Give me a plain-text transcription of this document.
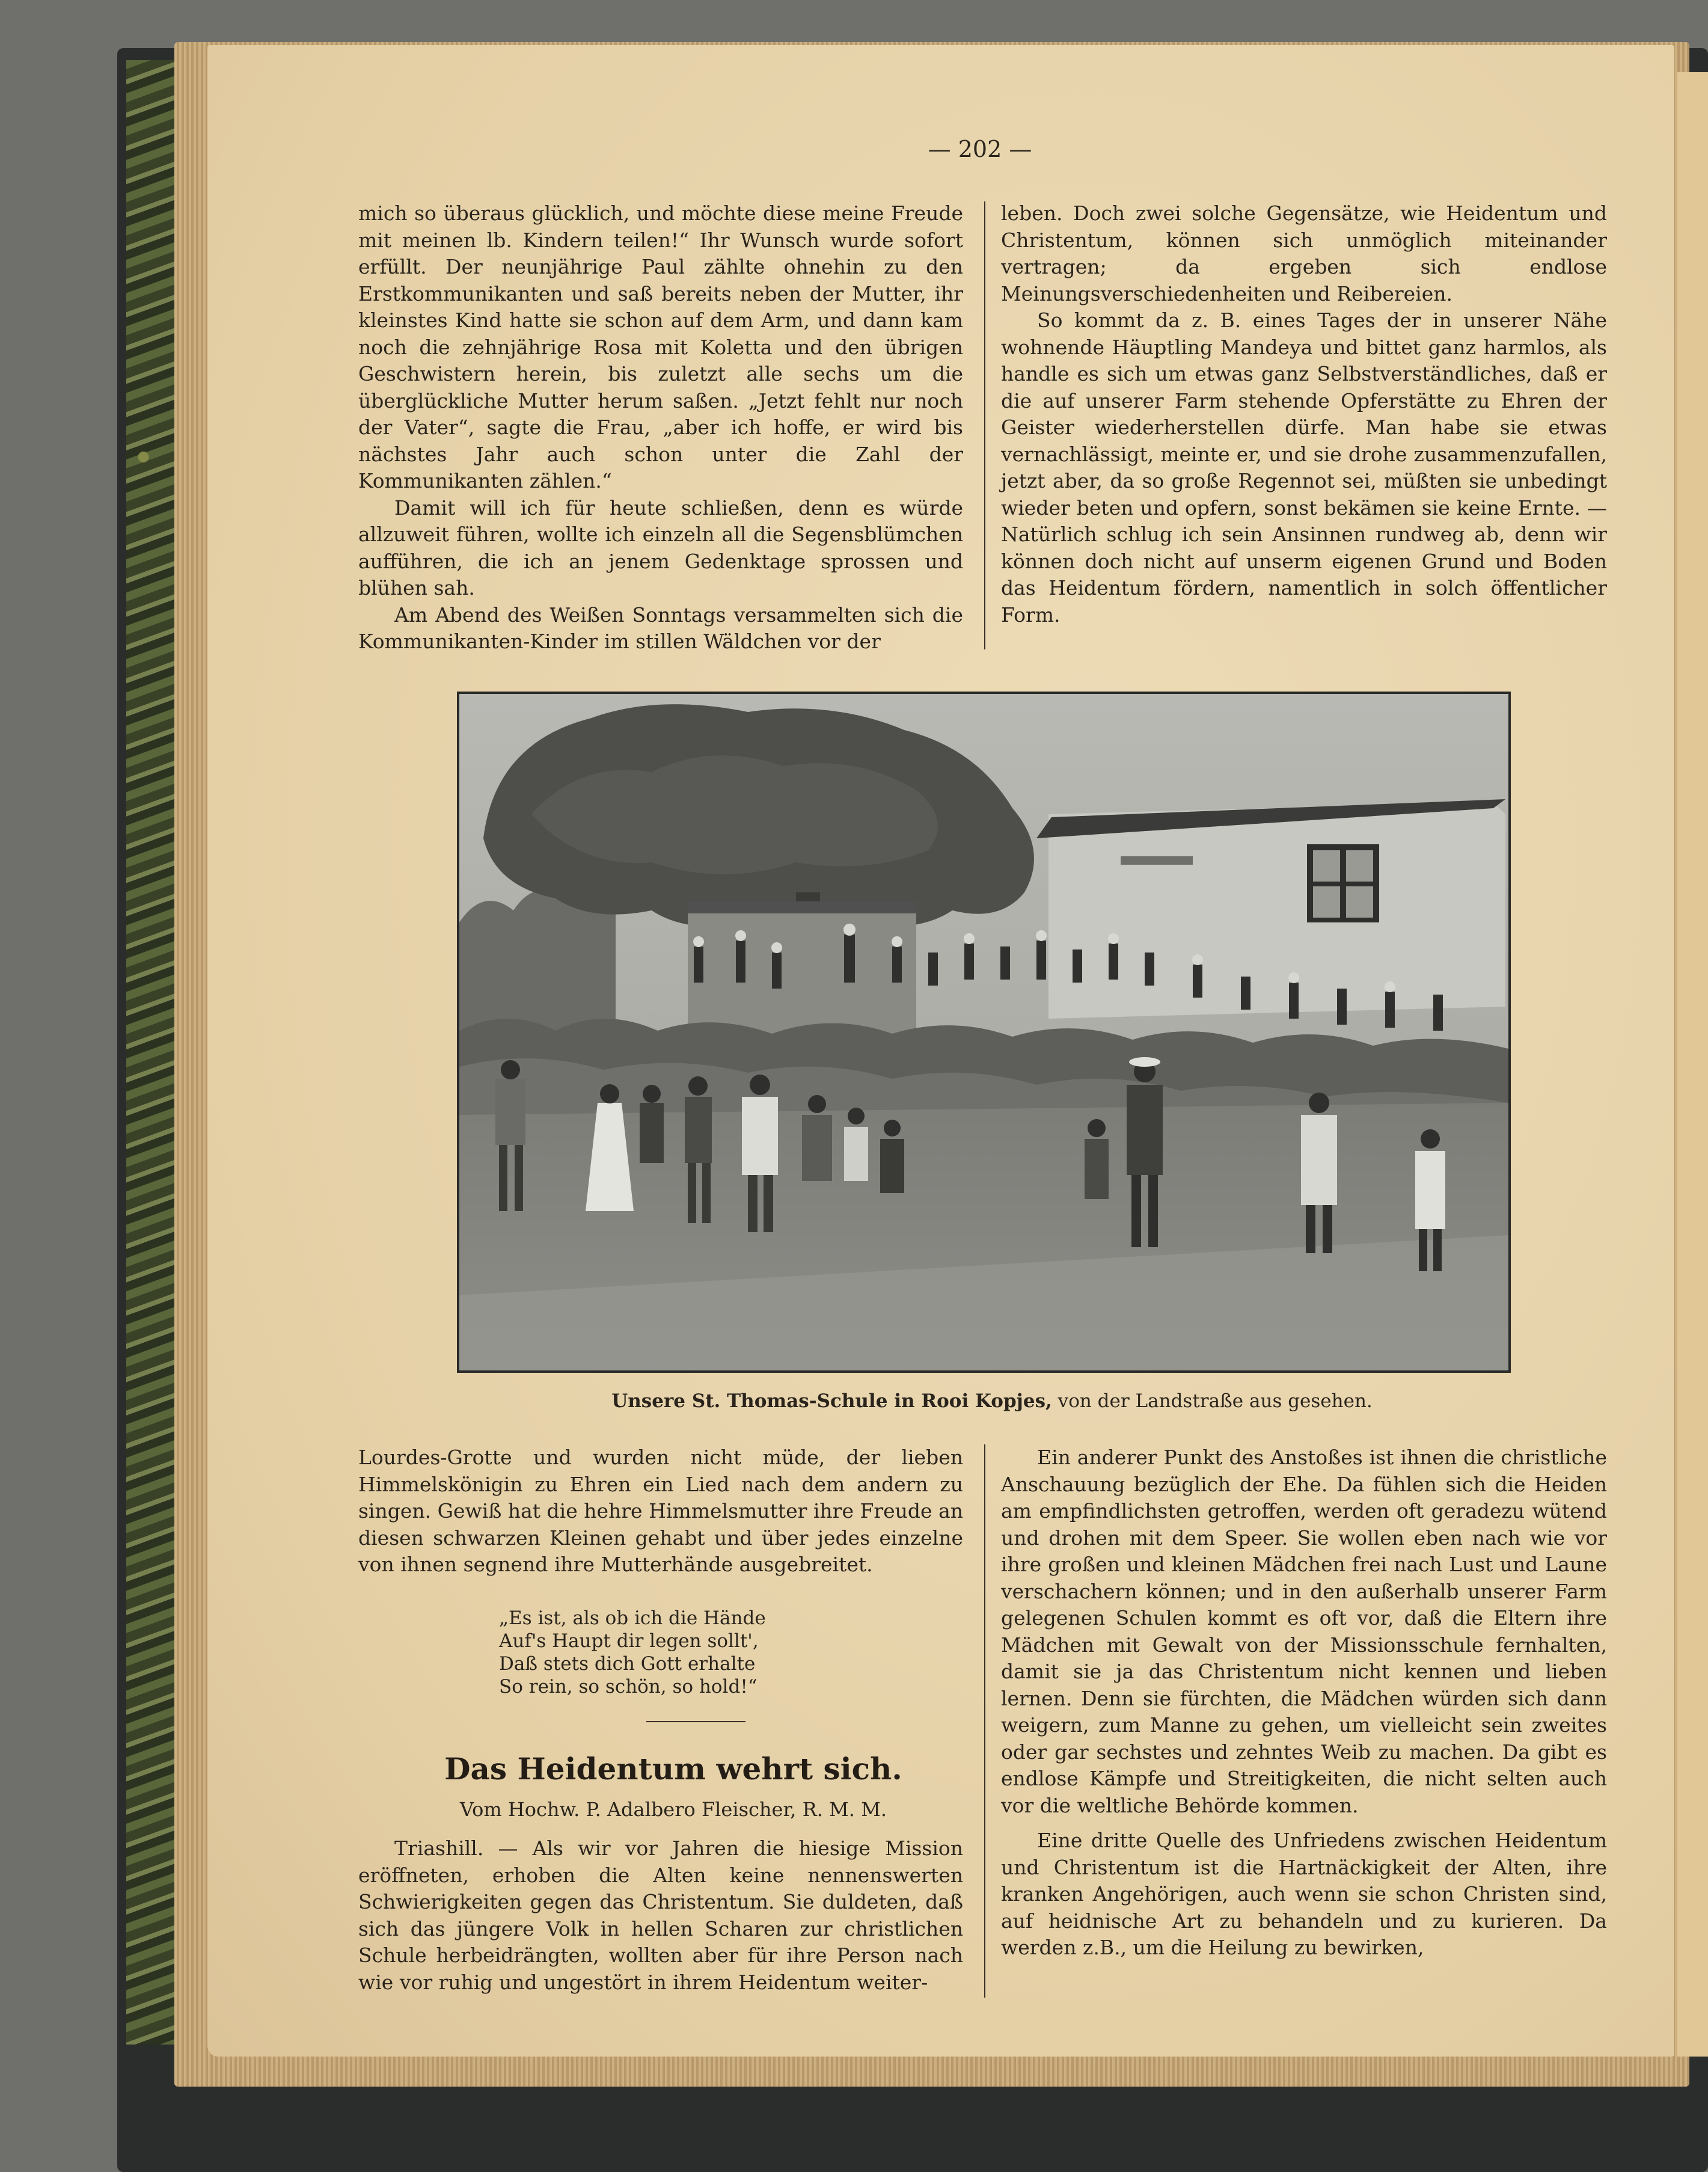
— 202 —

mich so überaus glücklich, und möchte diese meine Freude mit meinen lb. Kindern teilen!“ Ihr Wunsch wurde sofort erfüllt. Der neunjährige Paul zählte ohnehin zu den Erstkommunikanten und saß bereits neben der Mutter, ihr kleinstes Kind hatte sie schon auf dem Arm, und dann kam noch die zehnjährige Rosa mit Koletta und den übrigen Geschwistern herein, bis zuletzt alle sechs um die überglückliche Mutter herum saßen. „Jetzt fehlt nur noch der Vater“, sagte die Frau, „aber ich hoffe, er wird bis nächstes Jahr auch schon unter die Zahl der Kommunikanten zählen.“

Damit will ich für heute schließen, denn es würde allzuweit führen, wollte ich einzeln all die Segensblümchen aufführen, die ich an jenem Gedenktage sprossen und blühen sah.

Am Abend des Weißen Sonntags versammelten sich die Kommunikanten-Kinder im stillen Wäldchen vor der

leben. Doch zwei solche Gegensätze, wie Heidentum und Christentum, können sich unmöglich miteinander vertragen; da ergeben sich endlose Meinungsverschiedenheiten und Reibereien.

So kommt da z. B. eines Tages der in unserer Nähe wohnende Häuptling Mandeya und bittet ganz harmlos, als handle es sich um etwas ganz Selbstverständliches, daß er die auf unserer Farm stehende Opferstätte zu Ehren der Geister wiederherstellen dürfe. Man habe sie etwas vernachlässigt, meinte er, und sie drohe zusammenzufallen, jetzt aber, da so große Regennot sei, müßten sie unbedingt wieder beten und opfern, sonst bekämen sie keine Ernte. — Natürlich schlug ich sein Ansinnen rundweg ab, denn wir können doch nicht auf unserm eigenen Grund und Boden das Heidentum fördern, namentlich in solch öffentlicher Form.

Unsere St. Thomas-Schule in Rooi Kopjes, von der Landstraße aus gesehen.

Lourdes-Grotte und wurden nicht müde, der lieben Himmelskönigin zu Ehren ein Lied nach dem andern zu singen. Gewiß hat die hehre Himmelsmutter ihre Freude an diesen schwarzen Kleinen gehabt und über jedes einzelne von ihnen segnend ihre Mutterhände ausgebreitet.

„Es ist, als ob ich die Hände
Auf's Haupt dir legen sollt',
Daß stets dich Gott erhalte
So rein, so schön, so hold!“
Das Heidentum wehrt sich.
Vom Hochw. P. Adalbero Fleischer, R. M. M.

Triashill. — Als wir vor Jahren die hiesige Mission eröffneten, erhoben die Alten keine nennenswerten Schwierigkeiten gegen das Christentum. Sie duldeten, daß sich das jüngere Volk in hellen Scharen zur christlichen Schule herbeidrängten, wollten aber für ihre Person nach wie vor ruhig und ungestört in ihrem Heidentum weiter-

Ein anderer Punkt des Anstoßes ist ihnen die christliche Anschauung bezüglich der Ehe. Da fühlen sich die Heiden am empfindlichsten getroffen, werden oft geradezu wütend und drohen mit dem Speer. Sie wollen eben nach wie vor ihre großen und kleinen Mädchen frei nach Lust und Laune verschachern können; und in den außerhalb unserer Farm gelegenen Schulen kommt es oft vor, daß die Eltern ihre Mädchen mit Gewalt von der Missionsschule fernhalten, damit sie ja das Christentum nicht kennen und lieben lernen. Denn sie fürchten, die Mädchen würden sich dann weigern, zum Manne zu gehen, um vielleicht sein zweites oder gar sechstes und zehntes Weib zu machen. Da gibt es endlose Kämpfe und Streitigkeiten, die nicht selten auch vor die weltliche Behörde kommen.

Eine dritte Quelle des Unfriedens zwischen Heidentum und Christentum ist die Hartnäckigkeit der Alten, ihre kranken Angehörigen, auch wenn sie schon Christen sind, auf heidnische Art zu behandeln und zu kurieren. Da werden z.B., um die Heilung zu bewirken,
